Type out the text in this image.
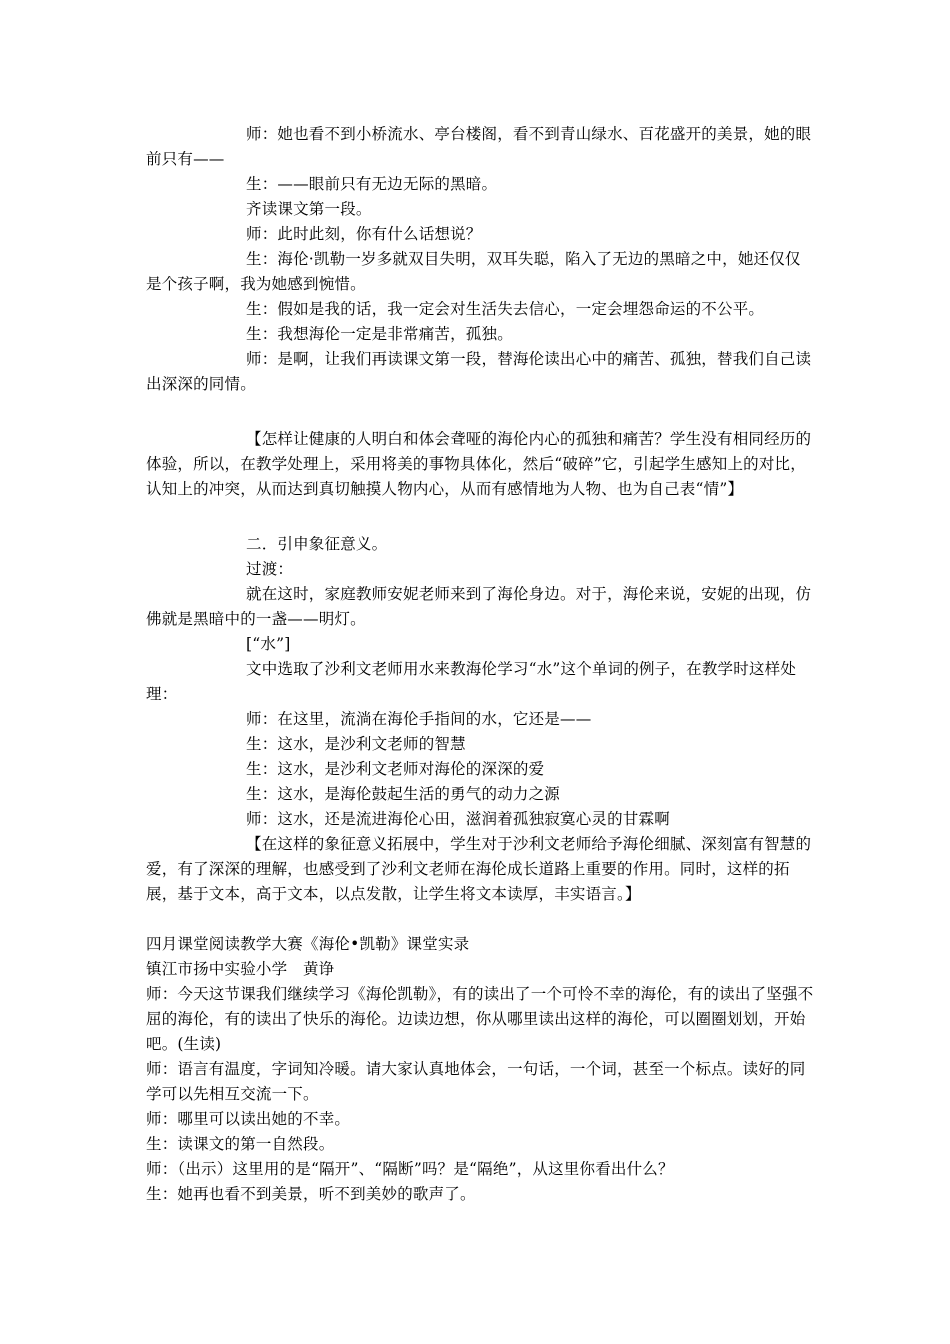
师：她也看不到小桥流水、亭台楼阁，看不到青山绿水、百花盛开的美景，她的眼前只有——

生：——眼前只有无边无际的黑暗。

齐读课文第一段。

师：此时此刻，你有什么话想说？

生：海伦·凯勒一岁多就双目失明，双耳失聪，陷入了无边的黑暗之中，她还仅仅是个孩子啊，我为她感到惋惜。

生：假如是我的话，我一定会对生活失去信心，一定会埋怨命运的不公平。

生：我想海伦一定是非常痛苦，孤独。

师：是啊，让我们再读课文第一段，替海伦读出心中的痛苦、孤独，替我们自己读出深深的同情。

【怎样让健康的人明白和体会聋哑的海伦内心的孤独和痛苦？学生没有相同经历的体验，所以，在教学处理上，采用将美的事物具体化，然后“破碎”它，引起学生感知上的对比，认知上的冲突，从而达到真切触摸人物内心，从而有感情地为人物、也为自己表“情”】

二．引申象征意义。

过渡：

就在这时，家庭教师安妮老师来到了海伦身边。对于，海伦来说，安妮的出现，仿佛就是黑暗中的一盏——明灯。

[“水”]

文中选取了沙利文老师用水来教海伦学习“水”这个单词的例子，在教学时这样处理：

师：在这里，流淌在海伦手指间的水，它还是——

生：这水，是沙利文老师的智慧

生：这水，是沙利文老师对海伦的深深的爱

生：这水，是海伦鼓起生活的勇气的动力之源

师：这水，还是流进海伦心田，滋润着孤独寂寞心灵的甘霖啊

【在这样的象征意义拓展中，学生对于沙利文老师给予海伦细腻、深刻富有智慧的爱，有了深深的理解，也感受到了沙利文老师在海伦成长道路上重要的作用。同时，这样的拓展，基于文本，高于文本，以点发散，让学生将文本读厚，丰实语言。】

四月课堂阅读教学大赛《海伦•凯勒》课堂实录

镇江市扬中实验小学　黄诤

师：今天这节课我们继续学习《海伦凯勒》，有的读出了一个可怜不幸的海伦，有的读出了坚强不屈的海伦，有的读出了快乐的海伦。边读边想，你从哪里读出这样的海伦，可以圈圈划划，开始吧。(生读)

师：语言有温度，字词知冷暖。请大家认真地体会，一句话，一个词，甚至一个标点。读好的同学可以先相互交流一下。

师：哪里可以读出她的不幸。

生：读课文的第一自然段。

师：（出示）这里用的是“隔开”、“隔断”吗？是“隔绝”，从这里你看出什么？

生：她再也看不到美景，听不到美妙的歌声了。
